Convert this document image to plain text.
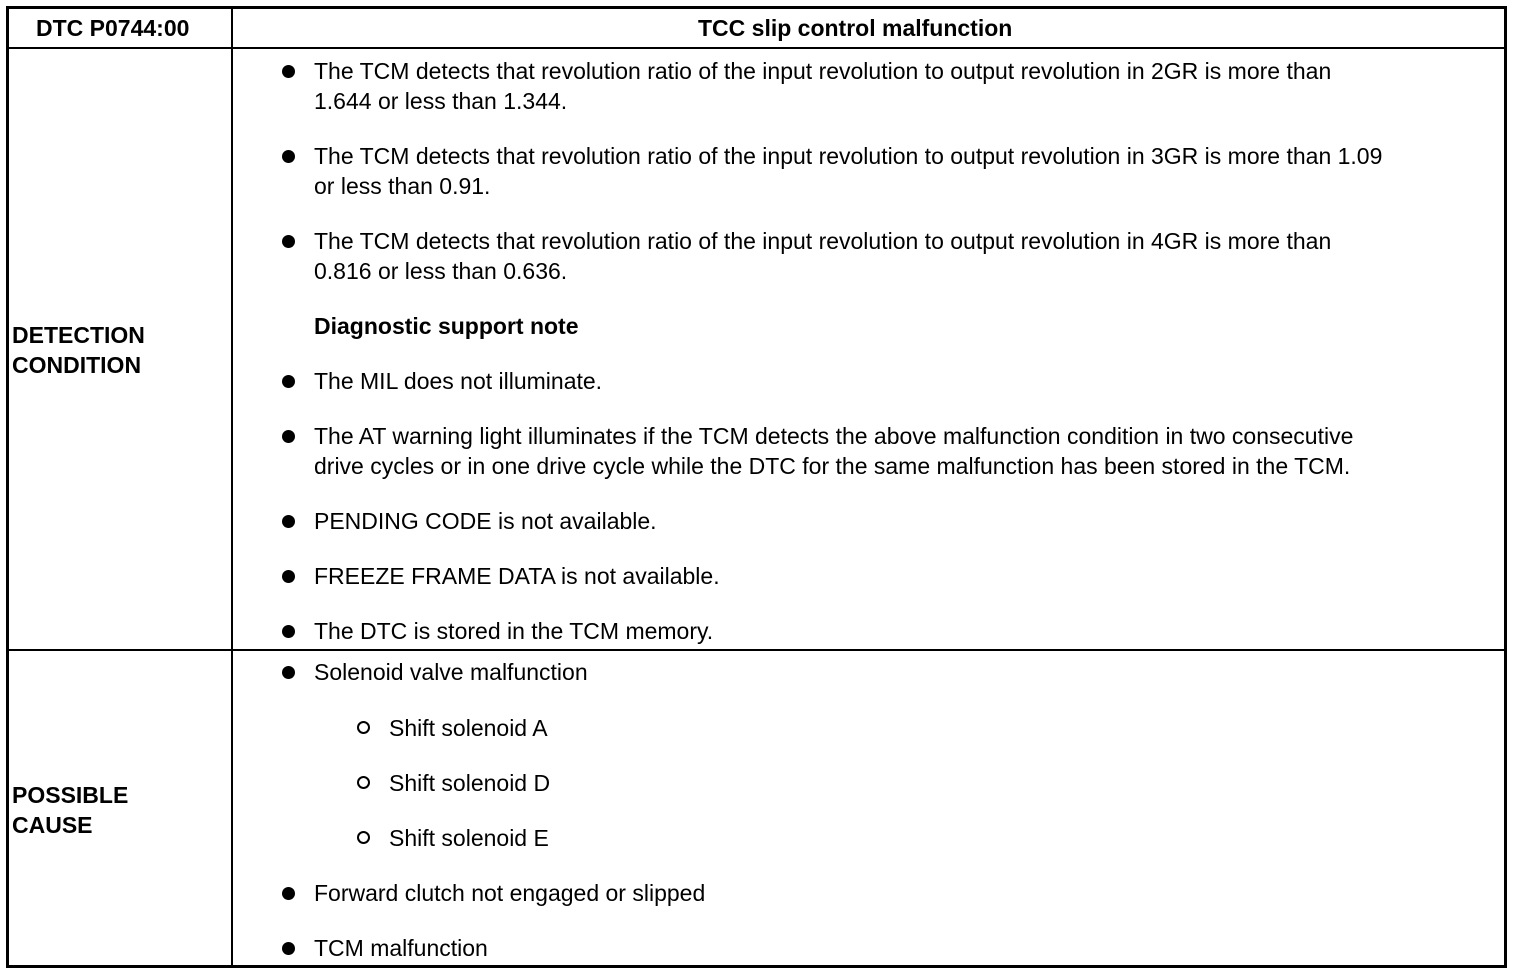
DTC P0744:00	TCC slip control malfunction
DETECTION
CONDITION
The TCM detects that revolution ratio of the input revolution to output revolution in 2GR is more than
1.644 or less than 1.344.
The TCM detects that revolution ratio of the input revolution to output revolution in 3GR is more than 1.09
or less than 0.91.
The TCM detects that revolution ratio of the input revolution to output revolution in 4GR is more than
0.816 or less than 0.636.
Diagnostic support note
The MIL does not illuminate.
The AT warning light illuminates if the TCM detects the above malfunction condition in two consecutive
drive cycles or in one drive cycle while the DTC for the same malfunction has been stored in the TCM.
PENDING CODE is not available.
FREEZE FRAME DATA is not available.
The DTC is stored in the TCM memory.
POSSIBLE
CAUSE
Solenoid valve malfunction
Shift solenoid A
Shift solenoid D
Shift solenoid E
Forward clutch not engaged or slipped
TCM malfunction
